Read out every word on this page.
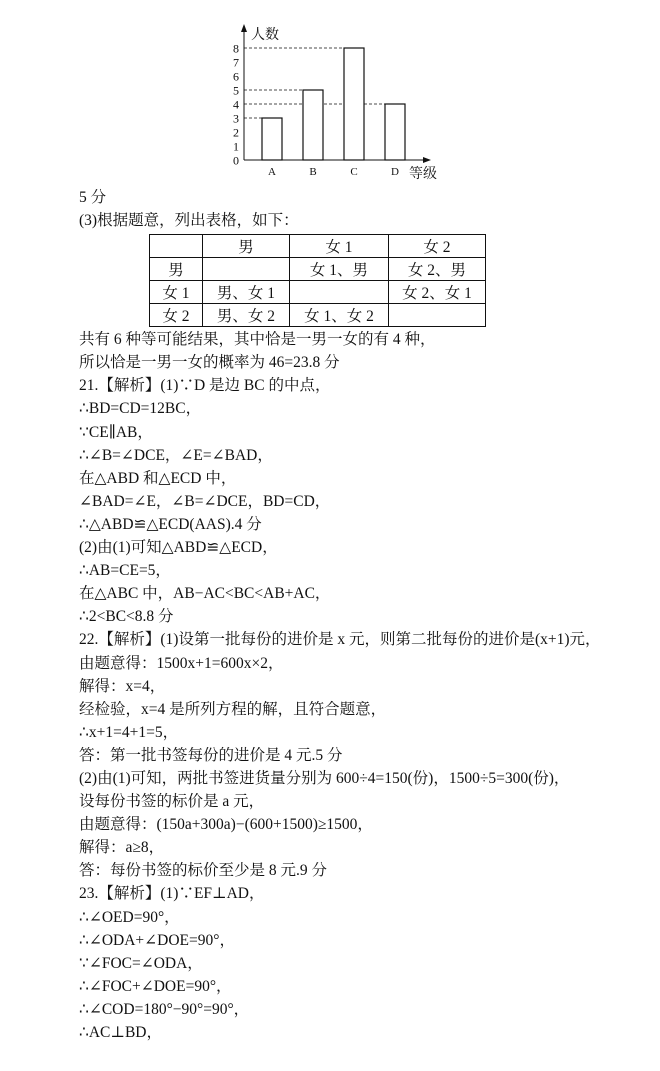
0
1
2
3
4
5
6
7
8
A	B	C	D
人数
等级
5 分
(3)根据题意，列出表格，如下：
	男	女 1	女 2
男		女 1、男	女 2、男
女 1	男、女 1		女 2、女 1
女 2	男、女 2	女 1、女 2	
共有 6 种等可能结果，其中恰是一男一女的有 4 种，
所以恰是一男一女的概率为 46=23.8 分
21.【解析】(1)∵D 是边 BC 的中点，
∴BD=CD=12BC，
∵CE∥AB，
∴∠B=∠DCE，∠E=∠BAD，
在△ABD 和△ECD 中，
∠BAD=∠E，∠B=∠DCE，BD=CD，
∴△ABD≌△ECD(AAS).4 分
(2)由(1)可知△ABD≌△ECD，
∴AB=CE=5，
在△ABC 中，AB−AC<BC<AB+AC，
∴2<BC<8.8 分
22.【解析】(1)设第一批每份的进价是 x 元，则第二批每份的进价是(x+1)元，
由题意得：1500x+1=600x×2，
解得：x=4，
经检验，x=4 是所列方程的解，且符合题意，
∴x+1=4+1=5，
答：第一批书签每份的进价是 4 元.5 分
(2)由(1)可知，两批书签进货量分别为 600÷4=150(份)，1500÷5=300(份)，
设每份书签的标价是 a 元，
由题意得：(150a+300a)−(600+1500)≥1500，
解得：a≥8，
答：每份书签的标价至少是 8 元.9 分
23.【解析】(1)∵EF⊥AD，
∴∠OED=90°，
∴∠ODA+∠DOE=90°，
∵∠FOC=∠ODA，
∴∠FOC+∠DOE=90°，
∴∠COD=180°−90°=90°，
∴AC⊥BD，
